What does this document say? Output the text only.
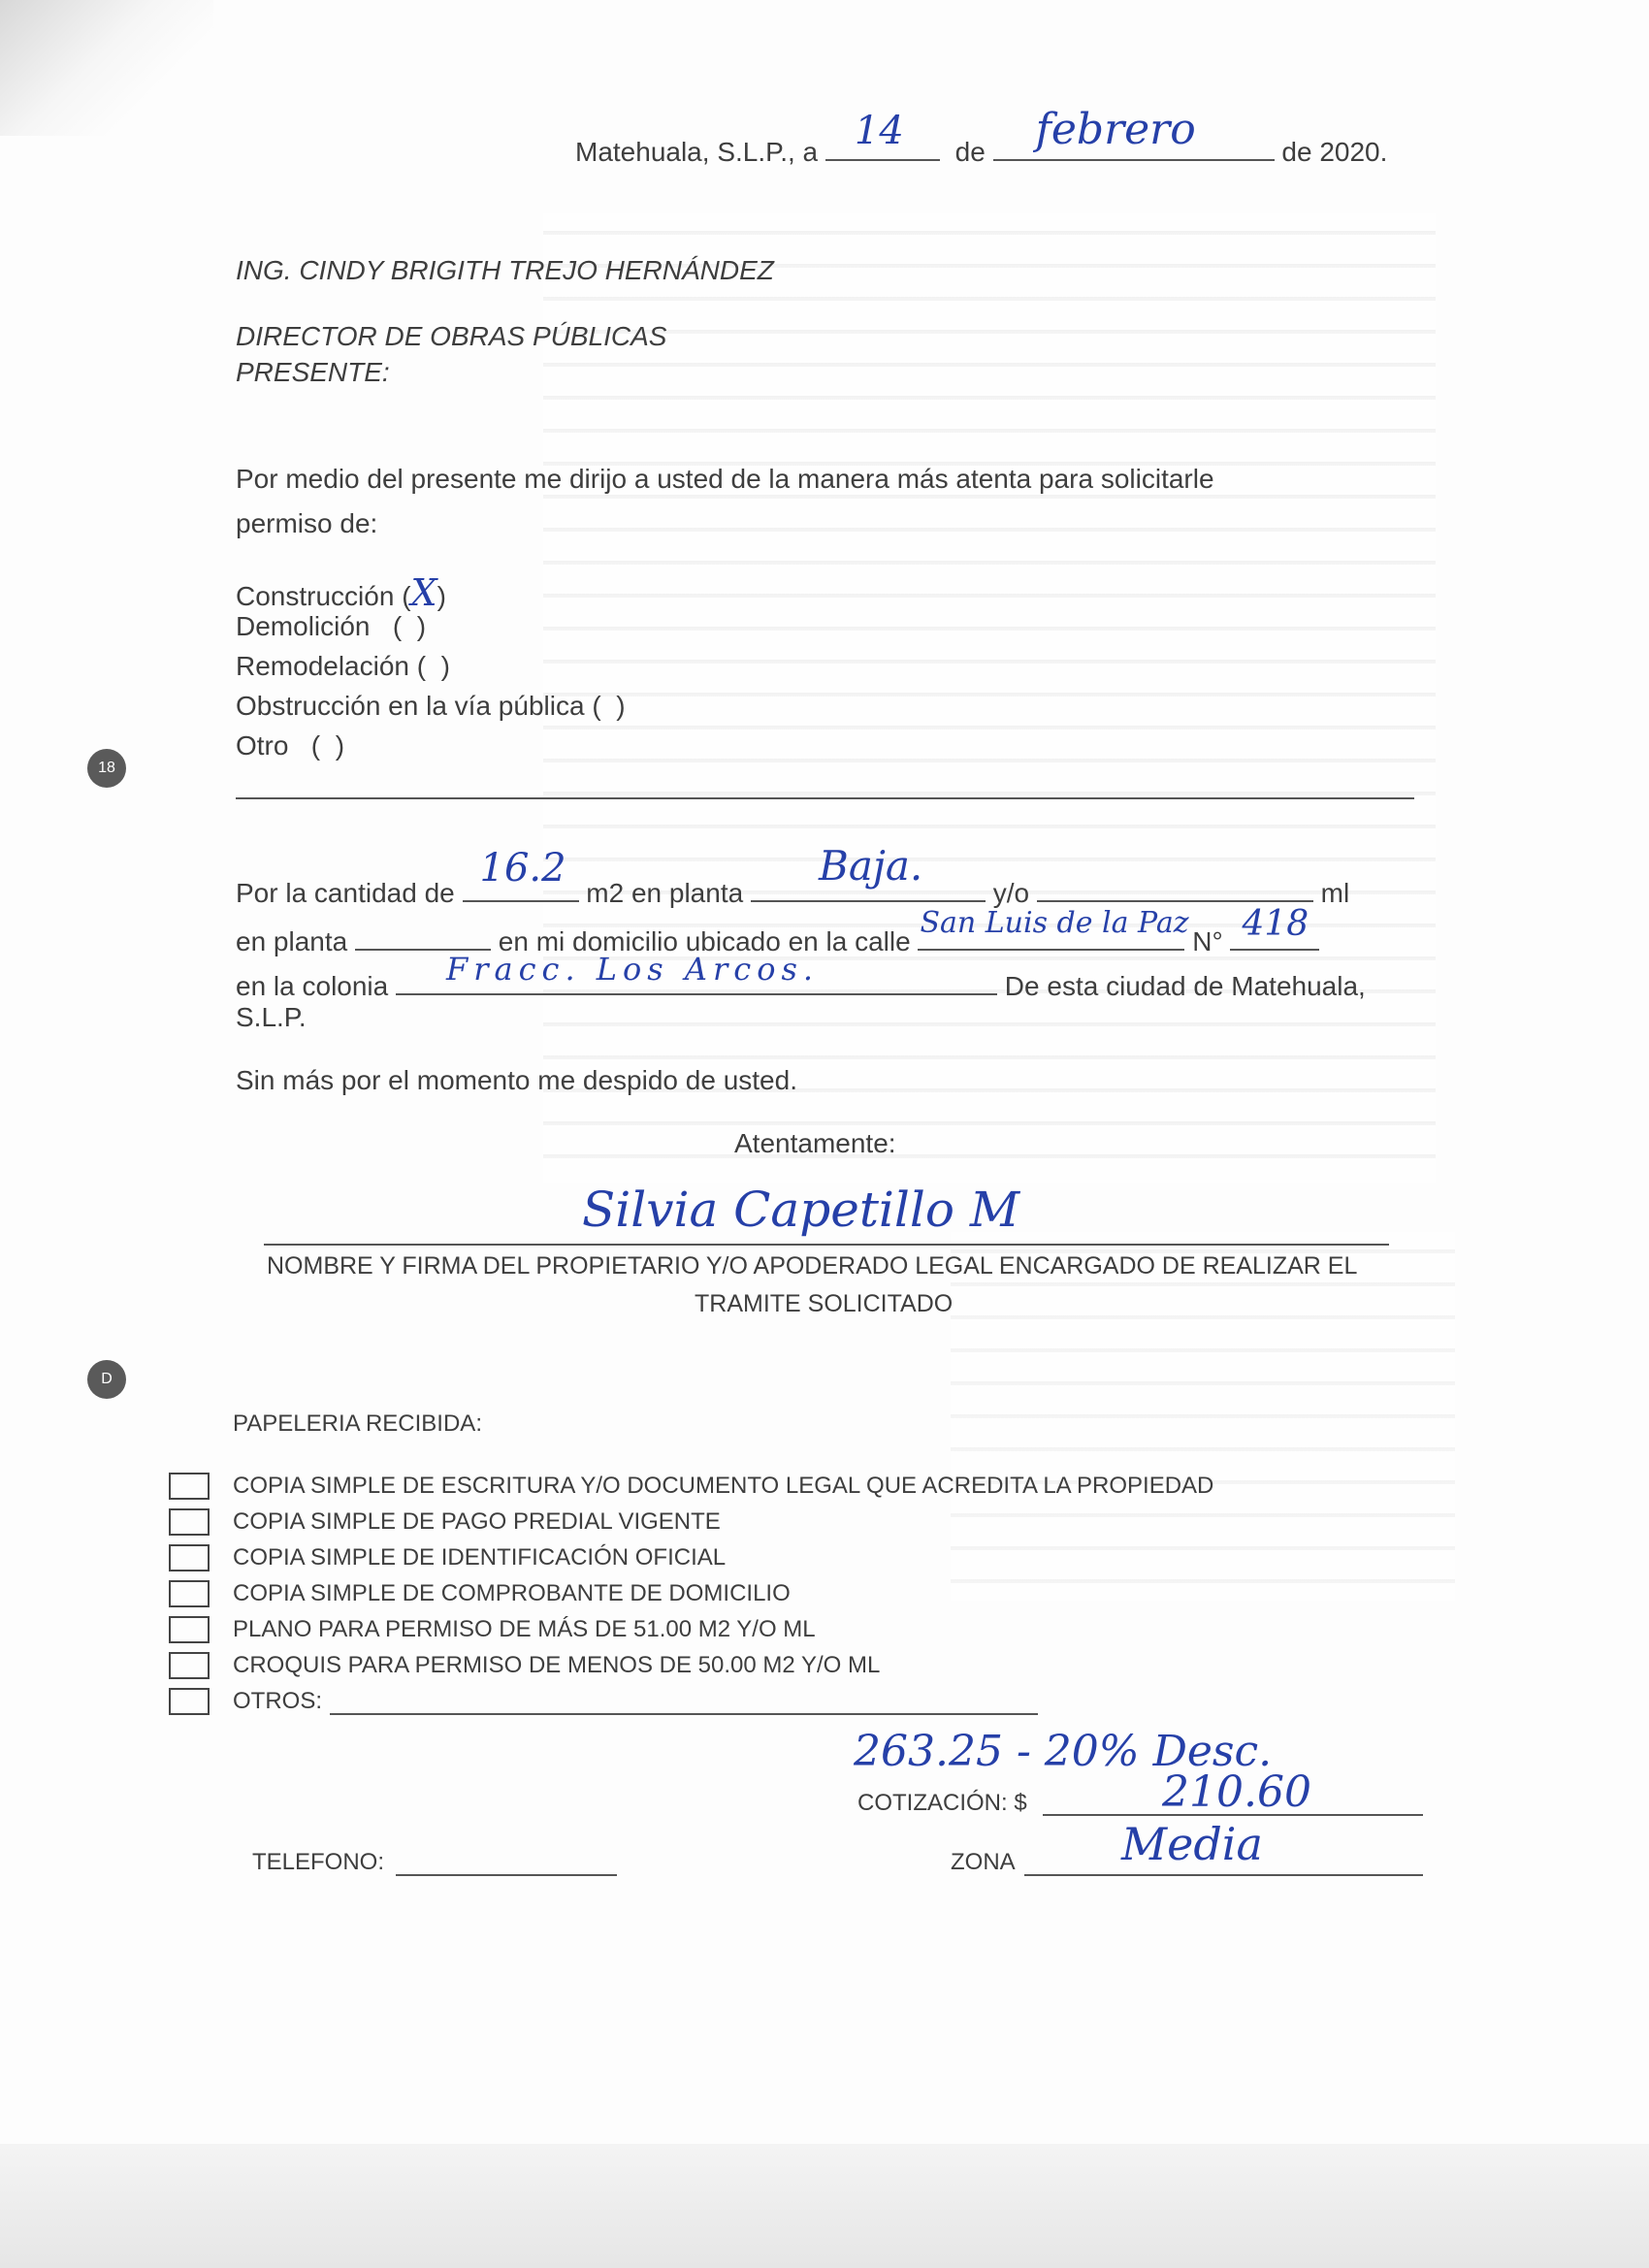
Matehuala, S.L.P., a 14 de febrero	de 2020.
ING. CINDY BRIGITH TREJO HERNÁNDEZ
DIRECTOR DE OBRAS PÚBLICAS
PRESENTE:
Por medio del presente me dirijo a usted de la manera más atenta para solicitarle
permiso de:
Construcción (X)
Demolición   (  )
Remodelación (  )
Obstrucción en la vía pública (  )
Otro   (  )
Por la cantidad de
16.2
m2 en planta
Baja.
y/o	ml
en planta	en mi domicilio ubicado en la calle
San Luis de la Paz
N° 418
en la colonia Fracc. Los Arcos.	De esta ciudad de Matehuala,
S.L.P.
Sin más por el momento me despido de usted.
Atentamente:
Silvia Capetillo M
NOMBRE Y FIRMA DEL PROPIETARIO Y/O APODERADO LEGAL ENCARGADO DE REALIZAR EL
TRAMITE SOLICITADO
PAPELERIA RECIBIDA:
COPIA SIMPLE DE ESCRITURA Y/O DOCUMENTO LEGAL QUE ACREDITA LA PROPIEDAD
COPIA SIMPLE DE PAGO PREDIAL VIGENTE
COPIA SIMPLE DE IDENTIFICACIÓN OFICIAL
COPIA SIMPLE DE COMPROBANTE DE DOMICILIO
PLANO PARA PERMISO DE MÁS DE 51.00 M2 Y/O ML
CROQUIS PARA PERMISO DE MENOS DE 50.00 M2 Y/O ML
OTROS:
263.25 - 20% Desc.
COTIZACIÓN: $	210.60
TELEFONO:	ZONA Media
18
D
